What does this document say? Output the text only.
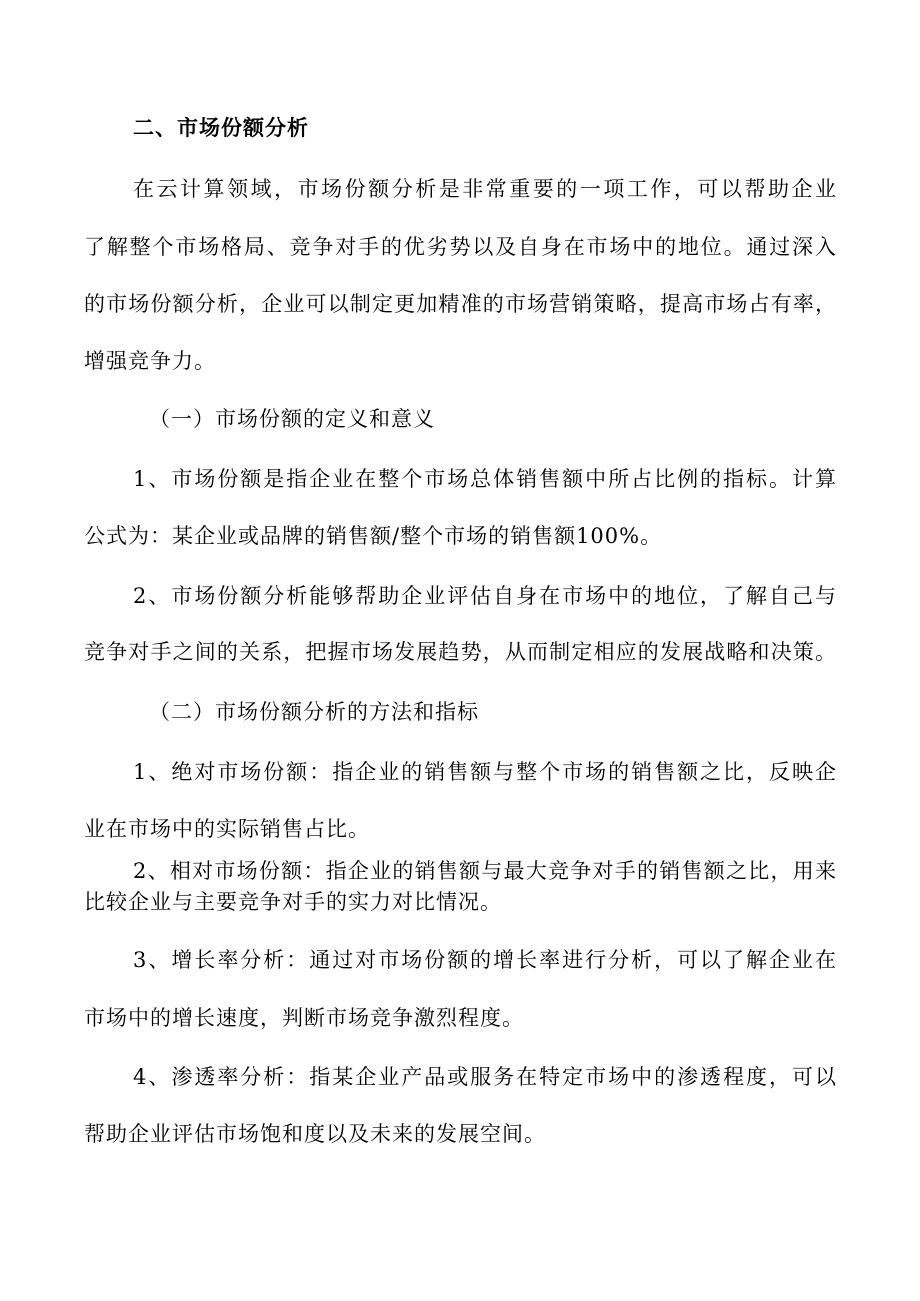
二、市场份额分析
在云计算领域，市场份额分析是非常重要的一项工作，可以帮助企业
了解整个市场格局、竞争对手的优劣势以及自身在市场中的地位。通过深入
的市场份额分析，企业可以制定更加精准的市场营销策略，提高市场占有率，
增强竞争力。
（一）市场份额的定义和意义
1、市场份额是指企业在整个市场总体销售额中所占比例的指标。计算
公式为：某企业或品牌的销售额/整个市场的销售额100%。
2、市场份额分析能够帮助企业评估自身在市场中的地位，了解自己与
竞争对手之间的关系，把握市场发展趋势，从而制定相应的发展战略和决策。
（二）市场份额分析的方法和指标
1、绝对市场份额：指企业的销售额与整个市场的销售额之比，反映企
业在市场中的实际销售占比。
2、相对市场份额：指企业的销售额与最大竞争对手的销售额之比，用来
比较企业与主要竞争对手的实力对比情况。
3、增长率分析：通过对市场份额的增长率进行分析，可以了解企业在
市场中的增长速度，判断市场竞争激烈程度。
4、渗透率分析：指某企业产品或服务在特定市场中的渗透程度，可以
帮助企业评估市场饱和度以及未来的发展空间。
